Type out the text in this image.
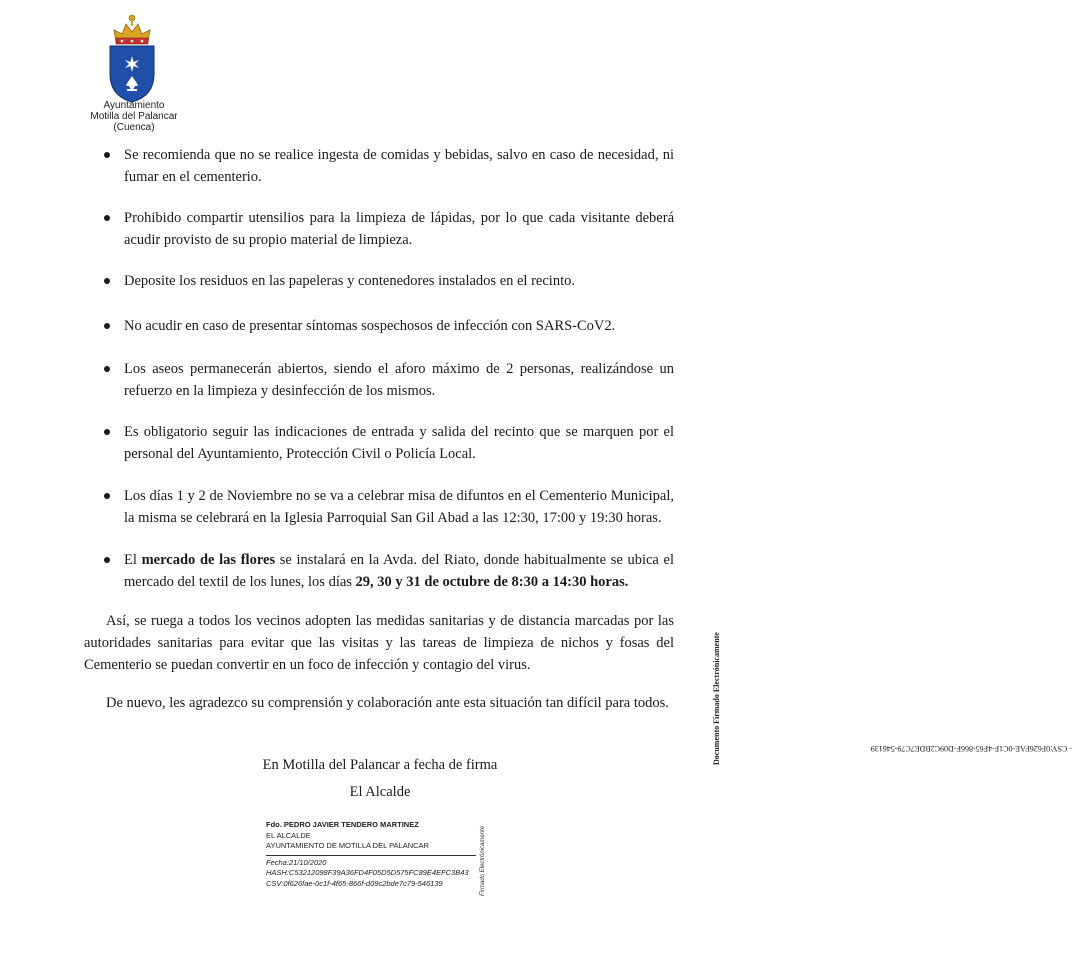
Ayuntamiento
Motilla del Palancar
(Cuenca)
Se recomienda que no se realice ingesta de comidas y bebidas, salvo en caso de necesidad, ni fumar en el cementerio.
Prohibido compartir utensilios para la limpieza de lápidas, por lo que cada visitante deberá acudir provisto de su propio material de limpieza.
Deposite los residuos en las papeleras y contenedores instalados en el recinto.
No acudir en caso de presentar síntomas sospechosos de infección con SARS-CoV2.
Los aseos permanecerán abiertos, siendo el aforo máximo de 2 personas, realizándose un refuerzo en la limpieza y desinfección de los mismos.
Es obligatorio seguir las indicaciones de entrada y salida del recinto que se marquen por el personal del Ayuntamiento, Protección Civil o Policía Local.
Los días 1 y 2 de Noviembre no se va a celebrar misa de difuntos en el Cementerio Municipal, la misma se celebrará en la Iglesia Parroquial San Gil Abad a las 12:30, 17:00 y 19:30 horas.
El mercado de las flores se instalará en la Avda. del Riato, donde habitualmente se ubica el mercado del textil de los lunes, los días 29, 30 y 31 de octubre de 8:30 a 14:30 horas.
Así, se ruega a todos los vecinos adopten las medidas sanitarias y de distancia marcadas por las autoridades sanitarias para evitar que las visitas y las tareas de limpieza de nichos y fosas del Cementerio se puedan convertir en un foco de infección y contagio del virus.
De nuevo, les agradezco su comprensión y colaboración ante esta situación tan difícil para todos.
En Motilla del Palancar a fecha de firma
El Alcalde
Fdo. PEDRO JAVIER TENDERO MARTINEZ
EL ALCALDE
AYUNTAMIENTO DE MOTILLA DEL PALANCAR
Fecha:21/10/2020
HASH:C53212098F39A36FD4F05D5D575FC89E4EFC3B43
CSV:0f626fae-0c1f-4f65-866f-d09c2bde7c79-546139	Firmado Electrónicamente
Documento Firmado Electrónicamente	- CSV:0F626FAE-0C1F-4F65-866F-D09C2BDE7C79-546139
